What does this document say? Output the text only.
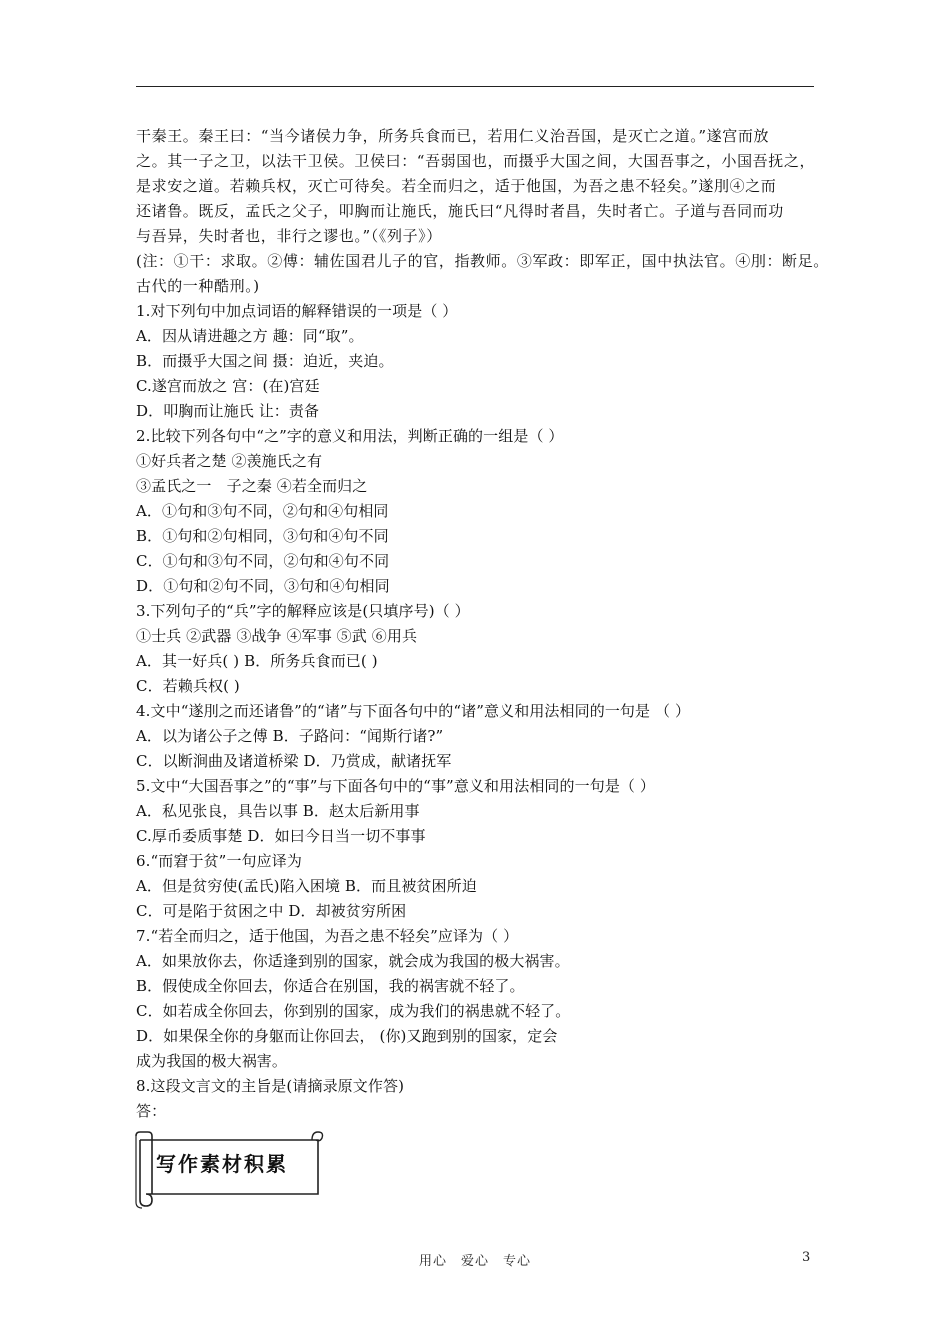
干秦王。秦王曰：“当今诸侯力争，所务兵食而已，若用仁义治吾国，是灭亡之道。”遂宫而放
之。其一子之卫，以法干卫侯。卫侯曰：“吾弱国也，而摄乎大国之间，大国吾事之，小国吾抚之，
是求安之道。若赖兵权，灭亡可待矣。若全而归之，适于他国，为吾之患不轻矣。”遂刖④之而
还诸鲁。既反，孟氏之父子，叩胸而让施氏，施氏曰“凡得时者昌，失时者亡。子道与吾同而功
与吾异，失时者也，非行之谬也。”（《列子》）
(注：①干：求取。②傅：辅佐国君儿子的官，指教师。③军政：即军正，国中执法官。④刖：断足。
古代的一种酷刑。)
1.对下列句中加点词语的解释错误的一项是（ ）
A．因从请进趣之方 趣：同“取”。
B．而摄乎大国之间 摄：迫近，夹迫。
C.遂宫而放之 宫：(在)宫廷
D．叩胸而让施氏 让：责备
2.比较下列各句中“之”字的意义和用法，判断正确的一组是（ ）
①好兵者之楚 ②羡施氏之有
③孟氏之一　子之秦 ④若全而归之
A．①句和③句不同，②句和④句相同
B．①句和②句相同，③句和④句不同
C．①句和③句不同，②句和④句不同
D．①句和②句不同，③句和④句相同
3.下列句子的“兵”字的解释应该是(只填序号)（ ）
①士兵 ②武器 ③战争 ④军事 ⑤武 ⑥用兵
A．其一好兵( ) B．所务兵食而已( )
C．若赖兵权( )
4.文中“遂刖之而还诸鲁”的“诸”与下面各句中的“诸”意义和用法相同的一句是 （ ）
A．以为诸公子之傅 B．子路问：“闻斯行诸?”
C．以断涧曲及诸道桥梁 D．乃赏成，献诸抚军
5.文中“大国吾事之”的“事”与下面各句中的“事”意义和用法相同的一句是（ ）
A．私见张良，具告以事 B．赵太后新用事
C.厚币委质事楚 D．如曰今日当一切不事事
6.“而窘于贫”一句应译为
A．但是贫穷使(孟氏)陷入困境 B．而且被贫困所迫
C．可是陷于贫困之中 D．却被贫穷所困
7.“若全而归之，适于他国，为吾之患不轻矣”应译为（ ）
A．如果放你去，你适逢到别的国家，就会成为我国的极大祸害。
B．假使成全你回去，你适合在别国，我的祸害就不轻了。
C．如若成全你回去，你到别的国家，成为我们的祸患就不轻了。
D．如果保全你的身躯而让你回去， (你)又跑到别的国家，定会
成为我国的极大祸害。
8.这段文言文的主旨是(请摘录原文作答)
答：
写作素材积累
用心　爱心　专心	3
